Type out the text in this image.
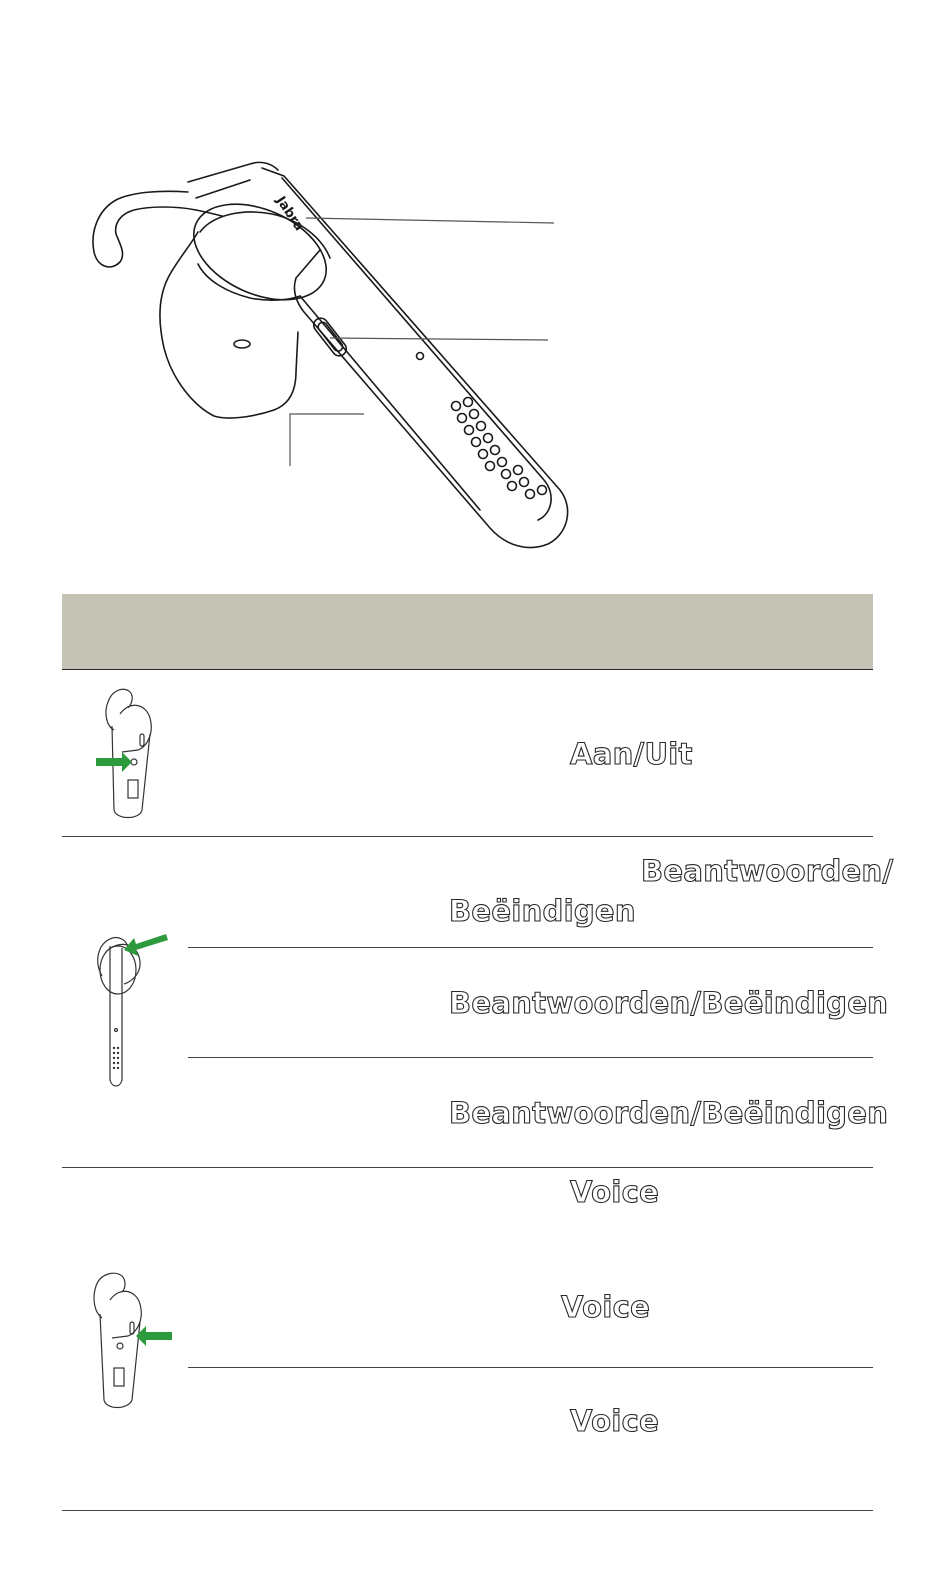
Jabra
Aan/Uit
Beantwoorden/
Beëindigen
Beantwoorden/Beëindigen
Beantwoorden/Beëindigen
Voice
Voice
Voice
